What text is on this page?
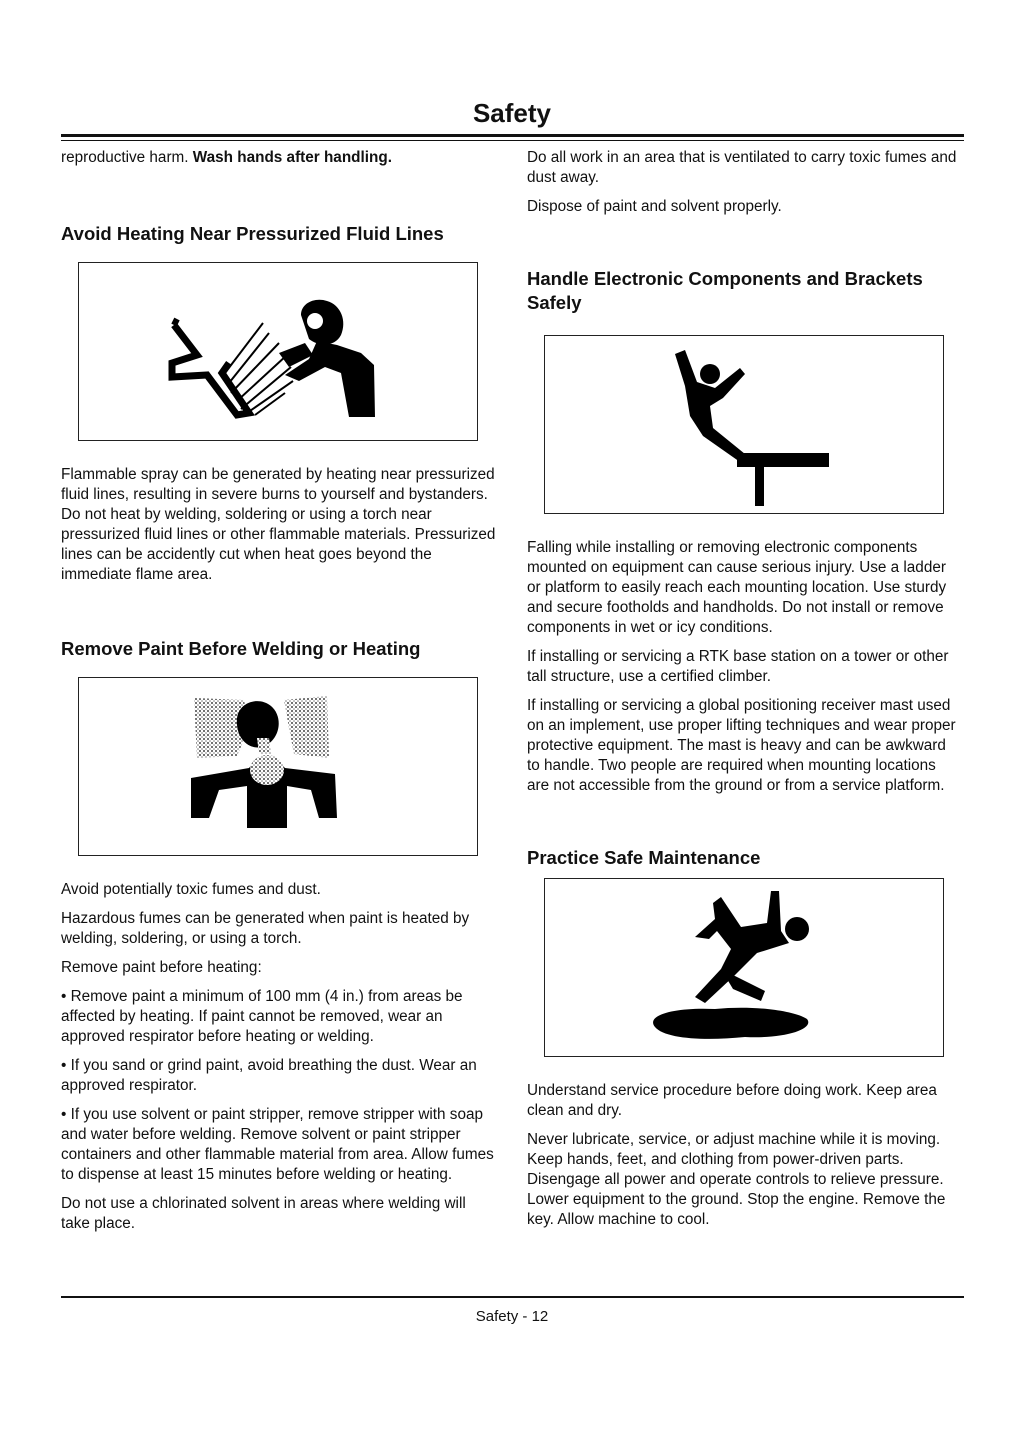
Safety

reproductive harm. Wash hands after handling.

Avoid Heating Near Pressurized Fluid Lines

Flammable spray can be generated by heating near pressurized fluid lines, resulting in severe burns to yourself and bystanders. Do not heat by welding, soldering or using a torch near pressurized fluid lines or other flammable materials. Pressurized lines can be accidently cut when heat goes beyond the immediate flame area.

Remove Paint Before Welding or Heating

Avoid potentially toxic fumes and dust.

Hazardous fumes can be generated when paint is heated by welding, soldering, or using a torch.

Remove paint before heating:

• Remove paint a minimum of 100 mm (4 in.) from areas be affected by heating. If paint cannot be removed, wear an approved respirator before heating or welding.

• If you sand or grind paint, avoid breathing the dust. Wear an approved respirator.

• If you use solvent or paint stripper, remove stripper with soap and water before welding. Remove solvent or paint stripper containers and other flammable material from area. Allow fumes to dispense at least 15 minutes before welding or heating.

Do not use a chlorinated solvent in areas where welding will take place.

Do all work in an area that is ventilated to carry toxic fumes and dust away.

Dispose of paint and solvent properly.

Handle Electronic Components and Brackets Safely

Falling while installing or removing electronic components mounted on equipment can cause serious injury. Use a ladder or platform to easily reach each mounting location. Use sturdy and secure footholds and handholds. Do not install or remove components in wet or icy conditions.

If installing or servicing a RTK base station on a tower or other tall structure, use a certified climber.

If installing or servicing a global positioning receiver mast used on an implement, use proper lifting techniques and wear proper protective equipment. The mast is heavy and can be awkward to handle. Two people are required when mounting locations are not accessible from the ground or from a service platform.

Practice Safe Maintenance

Understand service procedure before doing work. Keep area clean and dry.

Never lubricate, service, or adjust machine while it is moving. Keep hands, feet, and clothing from power-driven parts. Disengage all power and operate controls to relieve pressure. Lower equipment to the ground. Stop the engine. Remove the key. Allow machine to cool.

Safety - 12
